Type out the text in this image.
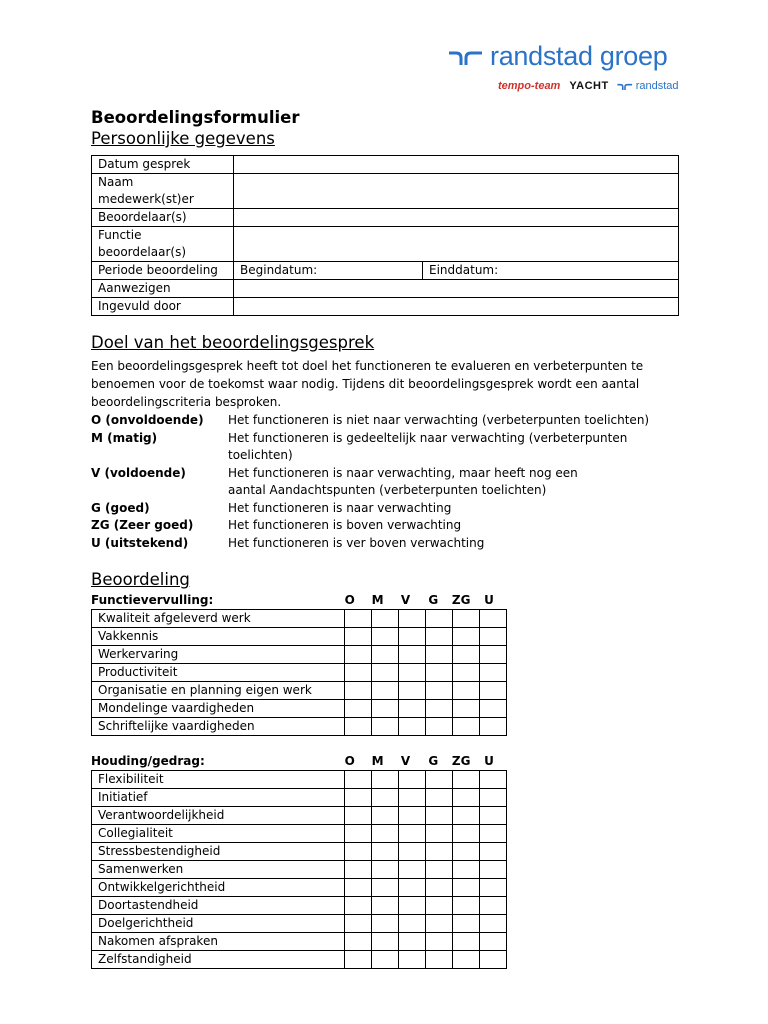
randstad groep
tempo-team YACHT randstad
Beoordelingsformulier
Persoonlijke gegevens
Datum gesprek		
Naam medewerk(st)er		
Beoordelaar(s)		
Functie beoordelaar(s)		
Periode beoordeling	Begindatum:	Einddatum:
Aanwezigen		
Ingevuld door		
Doel van het beoordelingsgesprek

Een beoordelingsgesprek heeft tot doel het functioneren te evalueren en verbeterpunten te benoemen voor de toekomst waar nodig. Tijdens dit beoordelingsgesprek wordt een aantal beoordelingscriteria besproken.

O (onvoldoende)	Het functioneren is niet naar verwachting (verbeterpunten toelichten)
M (matig)	Het functioneren is gedeeltelijk naar verwachting (verbeterpunten toelichten)
V (voldoende)	Het functioneren is naar verwachting, maar heeft nog een aantal Aandachtspunten (verbeterpunten toelichten)
G (goed)	Het functioneren is naar verwachting
ZG (Zeer goed)	Het functioneren is boven verwachting
U (uitstekend)	Het functioneren is ver boven verwachting
Beoordeling
Functievervulling:	O	M	V	G	ZG	U
Kwaliteit afgeleverd werk						
Vakkennis						
Werkervaring						
Productiviteit						
Organisatie en planning eigen werk						
Mondelinge vaardigheden						
Schriftelijke vaardigheden						
Houding/gedrag:	O	M	V	G	ZG	U
Flexibiliteit						
Initiatief						
Verantwoordelijkheid						
Collegialiteit						
Stressbestendigheid						
Samenwerken						
Ontwikkelgerichtheid						
Doortastendheid						
Doelgerichtheid						
Nakomen afspraken						
Zelfstandigheid						
